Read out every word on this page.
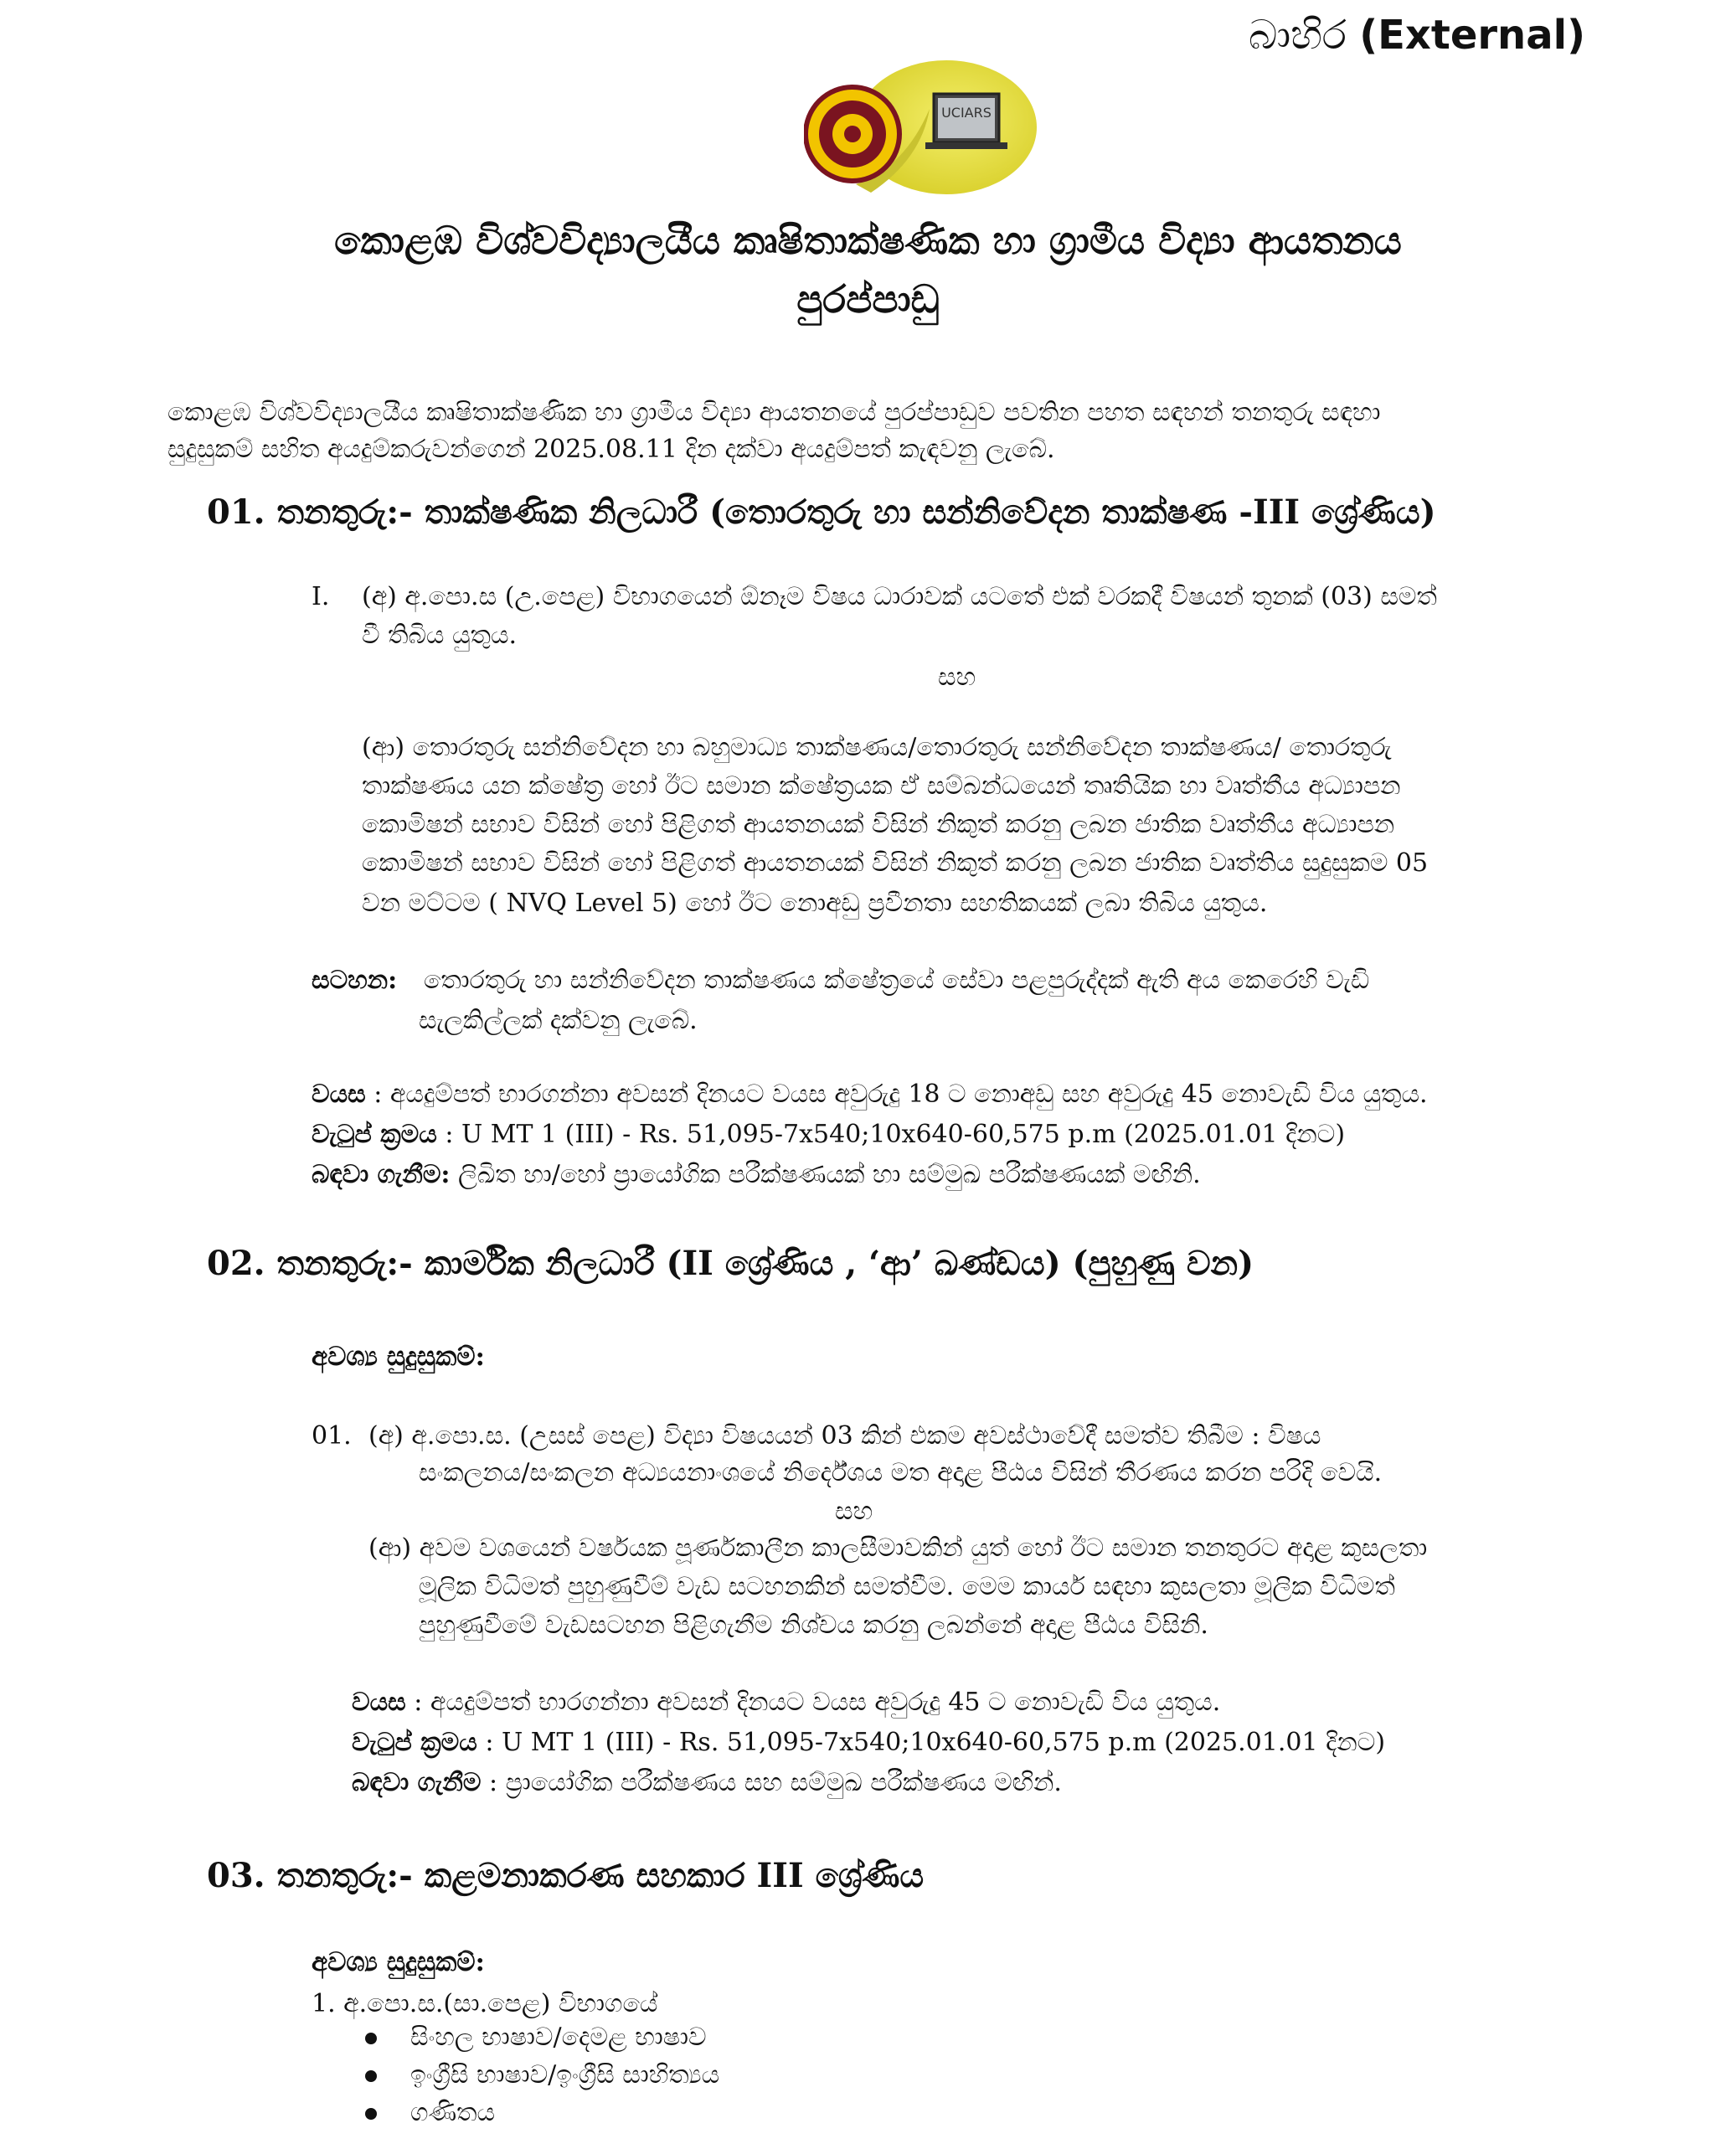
බාහිර (External)
UCIARS
කොළඹ විශ්වවිද්‍යාලයීය කෘෂිතාක්ෂණික හා ග්‍රාමීය විද්‍යා ආයතනය
පුරප්පාඩු
කොළඹ විශ්වවිද්‍යාලයීය කෘෂිතාක්ෂණික හා ග්‍රාමීය විද්‍යා ආයතනයේ පුරප්පාඩුව පවතින පහත සඳහන් තනතුරු සඳහා
සුදුසුකම් සහිත අයදුම්කරුවන්ගෙන් 2025.08.11 දින දක්වා අයදුම්පත් කැඳවනු ලැබේ.
01. තනතුරු:- තාක්ෂණික නිලධාරී (තොරතුරු හා සන්නිවේදන තාක්ෂණ -III ශ්‍රේණිය)
I. (අ) අ.පො.ස (උ.පෙළ) විභාගයෙන් ඕනෑම විෂය ධාරාවක් යටතේ එක් වරකදී විෂයන් තුනක් (03) සමත්
වී තිබිය යුතුය.
සහ
(ආ) තොරතුරු සන්නිවේදන හා බහුමාධ්‍ය තාක්ෂණය/තොරතුරු සන්නිවේදන තාක්ෂණය/ තොරතුරු
තාක්ෂණය යන ක්ෂේත්‍ර හෝ ඊට සමාන ක්ෂේත්‍රයක ඒ සම්බන්ධයෙන් තෘතියික හා වෘත්තීය අධ්‍යාපන
කොමිෂන් සභාව විසින් හෝ පිළිගත් ආයතනයක් විසින් නිකුත් කරනු ලබන ජාතික වෘත්තීය අධ්‍යාපන
කොමිෂන් සභාව විසින් හෝ පිළිගත් ආයතනයක් විසින් නිකුත් කරනු ලබන ජාතික වෘත්තිය සුදුසුකම 05
වන මට්ටම ( NVQ Level 5) හෝ ඊට නොඅඩු ප්‍රවීනතා සහතිකයක් ලබා තිබිය යුතුය.
සටහන: තොරතුරු හා සන්නිවේදන තාක්ෂණය ක්ෂේත්‍රයේ සේවා පළපුරුද්දක් ඇති අය කෙරෙහි වැඩි
සැලකිල්ලක් දක්වනු ලැබේ.
වයස : අයදුම්පත් භාරගන්නා අවසන් දිනයට වයස අවුරුදු 18 ට නොඅඩු සහ අවුරුදු 45 නොවැඩි විය යුතුය.
වැටුප් ක්‍රමය : U MT 1 (III) - Rs. 51,095-7x540;10x640-60,575 p.m (2025.01.01 දිනට)
බඳවා ගැනීම: ලිඛිත හා/හෝ ප්‍රායෝගික පරීක්ෂණයක් හා සම්මුඛ පරීක්ෂණයක් මඟිනි.
02. තනතුරු:- කාර්මික නිලධාරී (II ශ්‍රේණිය , ‘ආ’ ඛණ්ඩය) (පුහුණු වන)
අවශ්‍ය සුදුසුකම්:
01. (අ) අ.පො.ස. (උසස් පෙළ) විද්‍යා විෂයයන් 03 කින් එකම අවස්ථාවේදී සමත්ව තිබීම : විෂය
සංකලනය/සංකලන අධ්‍යයනාංශයේ නිර්දේශය මත අදාළ පීඨය විසින් තීරණය කරන පරිදි වෙයි.
සහ
(ආ) අවම වශයෙන් වර්ෂයක පූර්ණකාලීන කාලසීමාවකින් යුත් හෝ ඊට සමාන තනතුරට අදාළ කුසලතා
මූලික විධිමත් පුහුණුවීම් වැඩ සටහනකින් සමත්වීම. මෙම කාර්ය සඳහා කුසලතා මූලික විධිමත්
පුහුණුවීමේ වැඩසටහන පිළිගැනීම නිශ්චය කරනු ලබන්නේ අදාළ පීඨය විසිනි.
වයස : අයදුම්පත් භාරගන්නා අවසන් දිනයට වයස අවුරුදු 45 ට නොවැඩි විය යුතුය.
වැටුප් ක්‍රමය : U MT 1 (III) - Rs. 51,095-7x540;10x640-60,575 p.m (2025.01.01 දිනට)
බඳවා ගැනීම : ප්‍රායෝගික පරීක්ෂණය සහ සම්මුඛ පරීක්ෂණය මඟින්.
03. තනතුරු:- කළමනාකරණ සහකාර III ශ්‍රේණිය
අවශ්‍ය සුදුසුකම්:
1. අ.පො.ස.(සා.පෙළ) විභාගයේ
සිංහල භාෂාව/දෙමළ භාෂාව
ඉංග්‍රීසි භාෂාව/ඉංග්‍රීසි සාහිත්‍යය
ගණිතය
